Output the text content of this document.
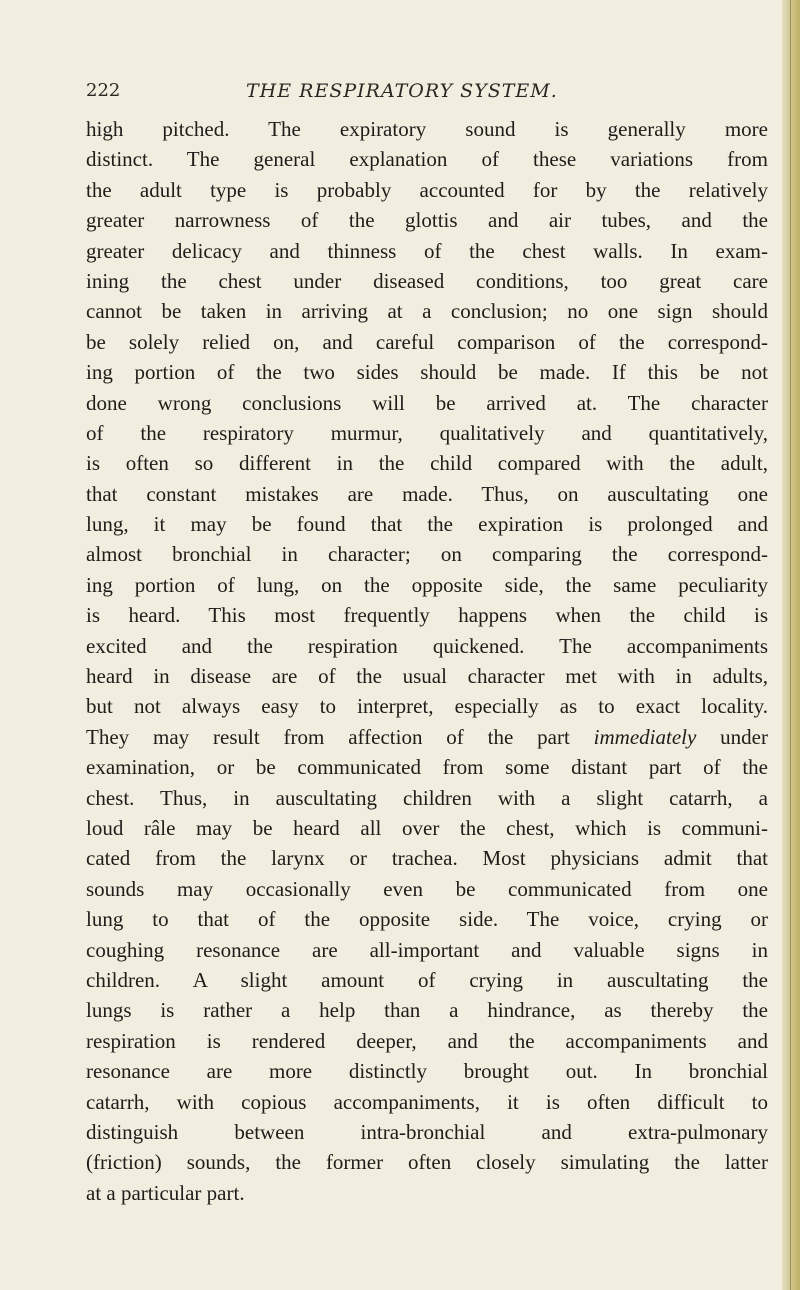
222	THE RESPIRATORY SYSTEM.
high pitched. The expiratory sound is generally more
distinct. The general explanation of these variations from
the adult type is probably accounted for by the relatively
greater narrowness of the glottis and air tubes, and the
greater delicacy and thinness of the chest walls. In exam-
ining the chest under diseased conditions, too great care
cannot be taken in arriving at a conclusion; no one sign should
be solely relied on, and careful comparison of the correspond-
ing portion of the two sides should be made. If this be not
done wrong conclusions will be arrived at. The character
of the respiratory murmur, qualitatively and quantitatively,
is often so different in the child compared with the adult,
that constant mistakes are made. Thus, on auscultating one
lung, it may be found that the expiration is prolonged and
almost bronchial in character; on comparing the correspond-
ing portion of lung, on the opposite side, the same peculiarity
is heard. This most frequently happens when the child is
excited and the respiration quickened. The accompaniments
heard in disease are of the usual character met with in adults,
but not always easy to interpret, especially as to exact locality.
They may result from affection of the part immediately under
examination, or be communicated from some distant part of the
chest. Thus, in auscultating children with a slight catarrh, a
loud râle may be heard all over the chest, which is communi-
cated from the larynx or trachea. Most physicians admit that
sounds may occasionally even be communicated from one
lung to that of the opposite side. The voice, crying or
coughing resonance are all-important and valuable signs in
children. A slight amount of crying in auscultating the
lungs is rather a help than a hindrance, as thereby the
respiration is rendered deeper, and the accompaniments and
resonance are more distinctly brought out. In bronchial
catarrh, with copious accompaniments, it is often difficult to
distinguish between intra-bronchial and extra-pulmonary
(friction) sounds, the former often closely simulating the latter
at a particular part.
